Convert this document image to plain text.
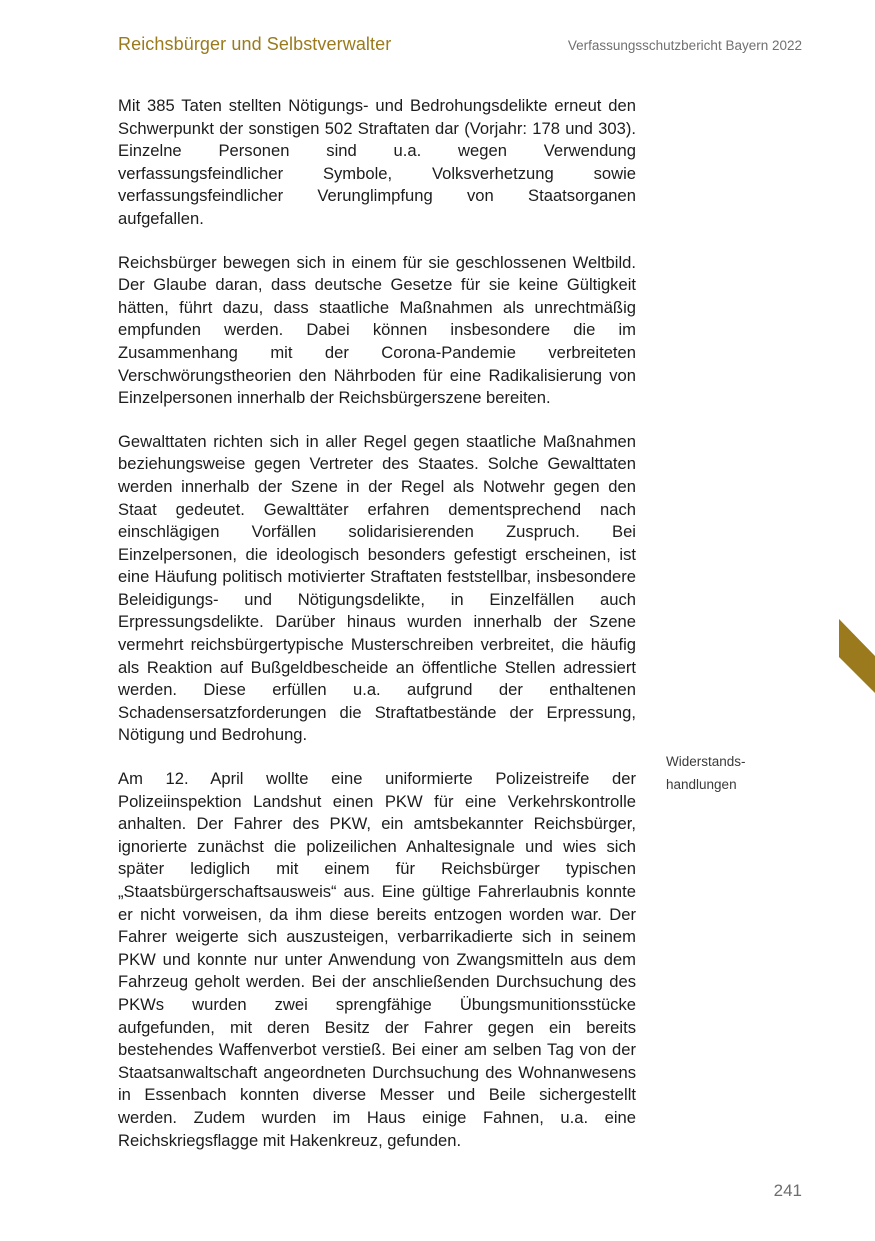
Reichsbürger und Selbstverwalter	Verfassungsschutzbericht Bayern 2022

Mit 385 Taten stellten Nötigungs- und Bedrohungsdelikte erneut den Schwerpunkt der sonstigen 502 Straftaten dar (Vorjahr: 178 und 303). Einzelne Personen sind u.a. wegen Verwendung verfassungsfeindlicher Symbole, Volksverhetzung sowie verfassungsfeindlicher Verunglimpfung von Staatsorganen aufgefallen.

Reichsbürger bewegen sich in einem für sie geschlossenen Weltbild. Der Glaube daran, dass deutsche Gesetze für sie keine Gültigkeit hätten, führt dazu, dass staatliche Maßnahmen als unrechtmäßig empfunden werden. Dabei können insbesondere die im Zusammenhang mit der Corona-Pandemie verbreiteten Verschwörungstheorien den Nährboden für eine Radikalisierung von Einzelpersonen innerhalb der Reichsbürgerszene bereiten.

Gewalttaten richten sich in aller Regel gegen staatliche Maßnahmen beziehungsweise gegen Vertreter des Staates. Solche Gewalttaten werden innerhalb der Szene in der Regel als Notwehr gegen den Staat gedeutet. Gewalttäter erfahren dementsprechend nach einschlägigen Vorfällen solidarisierenden Zuspruch. Bei Einzelpersonen, die ideologisch besonders gefestigt erscheinen, ist eine Häufung politisch motivierter Straftaten feststellbar, insbesondere Beleidigungs- und Nötigungsdelikte, in Einzelfällen auch Erpressungsdelikte. Darüber hinaus wurden innerhalb der Szene vermehrt reichsbürgertypische Musterschreiben verbreitet, die häufig als Reaktion auf Bußgeldbescheide an öffentliche Stellen adressiert werden. Diese erfüllen u.a. aufgrund der enthaltenen Schadensersatzforderungen die Straftatbestände der Erpressung, Nötigung und Bedrohung.

Am 12. April wollte eine uniformierte Polizeistreife der Polizeiinspektion Landshut einen PKW für eine Verkehrskontrolle anhalten. Der Fahrer des PKW, ein amtsbekannter Reichsbürger, ignorierte zunächst die polizeilichen Anhaltesignale und wies sich später lediglich mit einem für Reichsbürger typischen „Staatsbürgerschaftsausweis“ aus. Eine gültige Fahrerlaubnis konnte er nicht vorweisen, da ihm diese bereits entzogen worden war. Der Fahrer weigerte sich auszusteigen, verbarrikadierte sich in seinem PKW und konnte nur unter Anwendung von Zwangsmitteln aus dem Fahrzeug geholt werden. Bei der anschließenden Durchsuchung des PKWs wurden zwei sprengfähige Übungsmunitionsstücke aufgefunden, mit deren Besitz der Fahrer gegen ein bereits bestehendes Waffenverbot verstieß. Bei einer am selben Tag von der Staatsanwaltschaft angeordneten Durchsuchung des Wohnanwesens in Essenbach konnten diverse Messer und Beile sichergestellt werden. Zudem wurden im Haus einige Fahnen, u.a. eine Reichskriegsflagge mit Hakenkreuz, gefunden.

Widerstands-
handlungen
241
